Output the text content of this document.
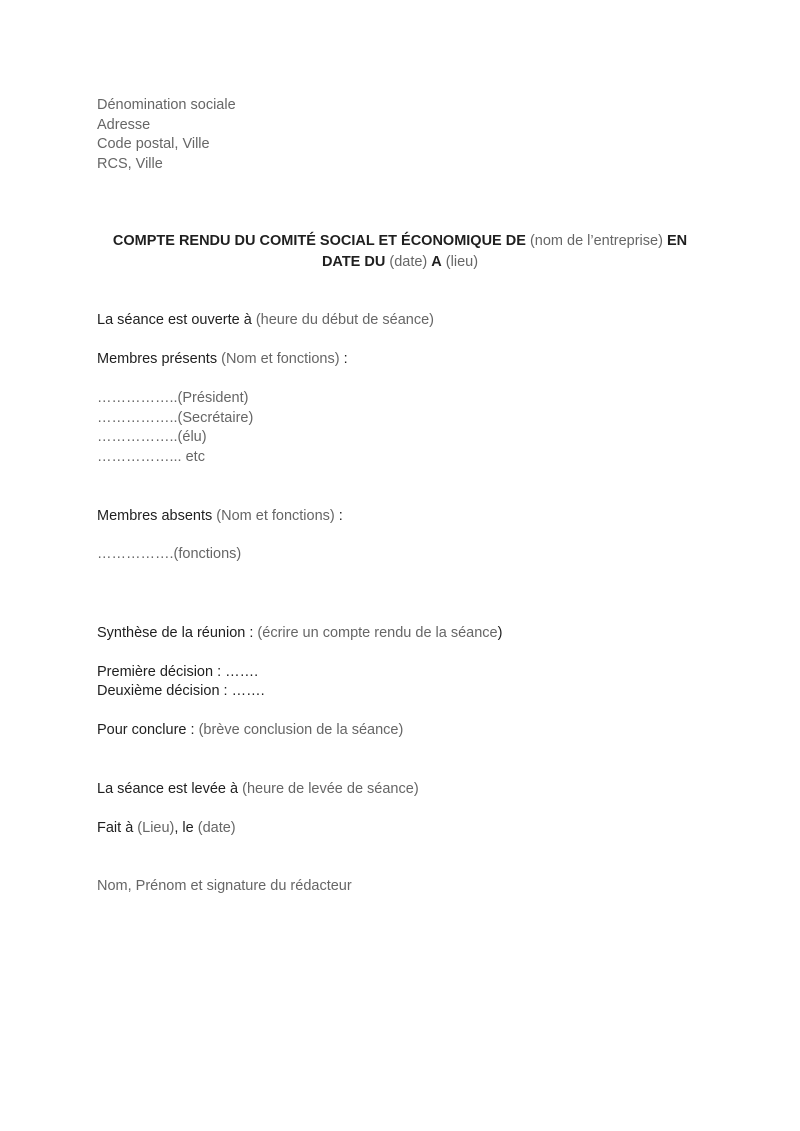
Dénomination sociale
Adresse
Code postal, Ville
RCS, Ville
COMPTE RENDU DU COMITÉ SOCIAL ET ÉCONOMIQUE DE (nom de l’entreprise) EN
DATE DU (date) A (lieu)
La séance est ouverte à (heure du début de séance)
Membres présents (Nom et fonctions) :
……………..(Président)
……………..(Secrétaire)
……………..(élu)
……………... etc
Membres absents (Nom et fonctions) :
…………….(fonctions)
Synthèse de la réunion : (écrire un compte rendu de la séance)
Première décision : …….
Deuxième décision : …….
Pour conclure : (brève conclusion de la séance)
La séance est levée à (heure de levée de séance)
Fait à (Lieu), le (date)
Nom, Prénom et signature du rédacteur
